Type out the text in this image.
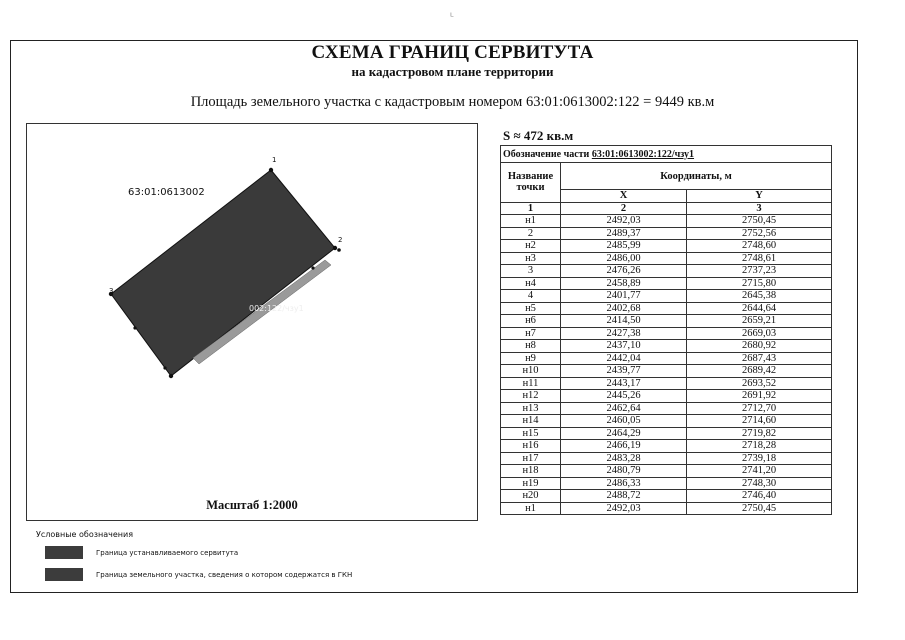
ᴸ
СХЕМА ГРАНИЦ СЕРВИТУТА
на кадастровом плане территории
Площадь земельного участка с кадастровым номером 63:01:0613002:122 = 9449 кв.м
63:01:0613002
002:122/чзу1
1
2
3
Масштаб 1:2000
S ≈ 472 кв.м
Обозначение части 63:01:0613002:122/чзу1		
Название точки	Координаты, м	
	X	Y
1	2	3
н1	2492,03	2750,45
2	2489,37	2752,56
н2	2485,99	2748,60
н3	2486,00	2748,61
3	2476,26	2737,23
н4	2458,89	2715,80
4	2401,77	2645,38
н5	2402,68	2644,64
н6	2414,50	2659,21
н7	2427,38	2669,03
н8	2437,10	2680,92
н9	2442,04	2687,43
н10	2439,77	2689,42
н11	2443,17	2693,52
н12	2445,26	2691,92
н13	2462,64	2712,70
н14	2460,05	2714,60
н15	2464,29	2719,82
н16	2466,19	2718,28
н17	2483,28	2739,18
н18	2480,79	2741,20
н19	2486,33	2748,30
н20	2488,72	2746,40
н1	2492,03	2750,45
Условные обозначения
Граница устанавливаемого сервитута
Граница земельного участка, сведения о котором содержатся в ГКН
